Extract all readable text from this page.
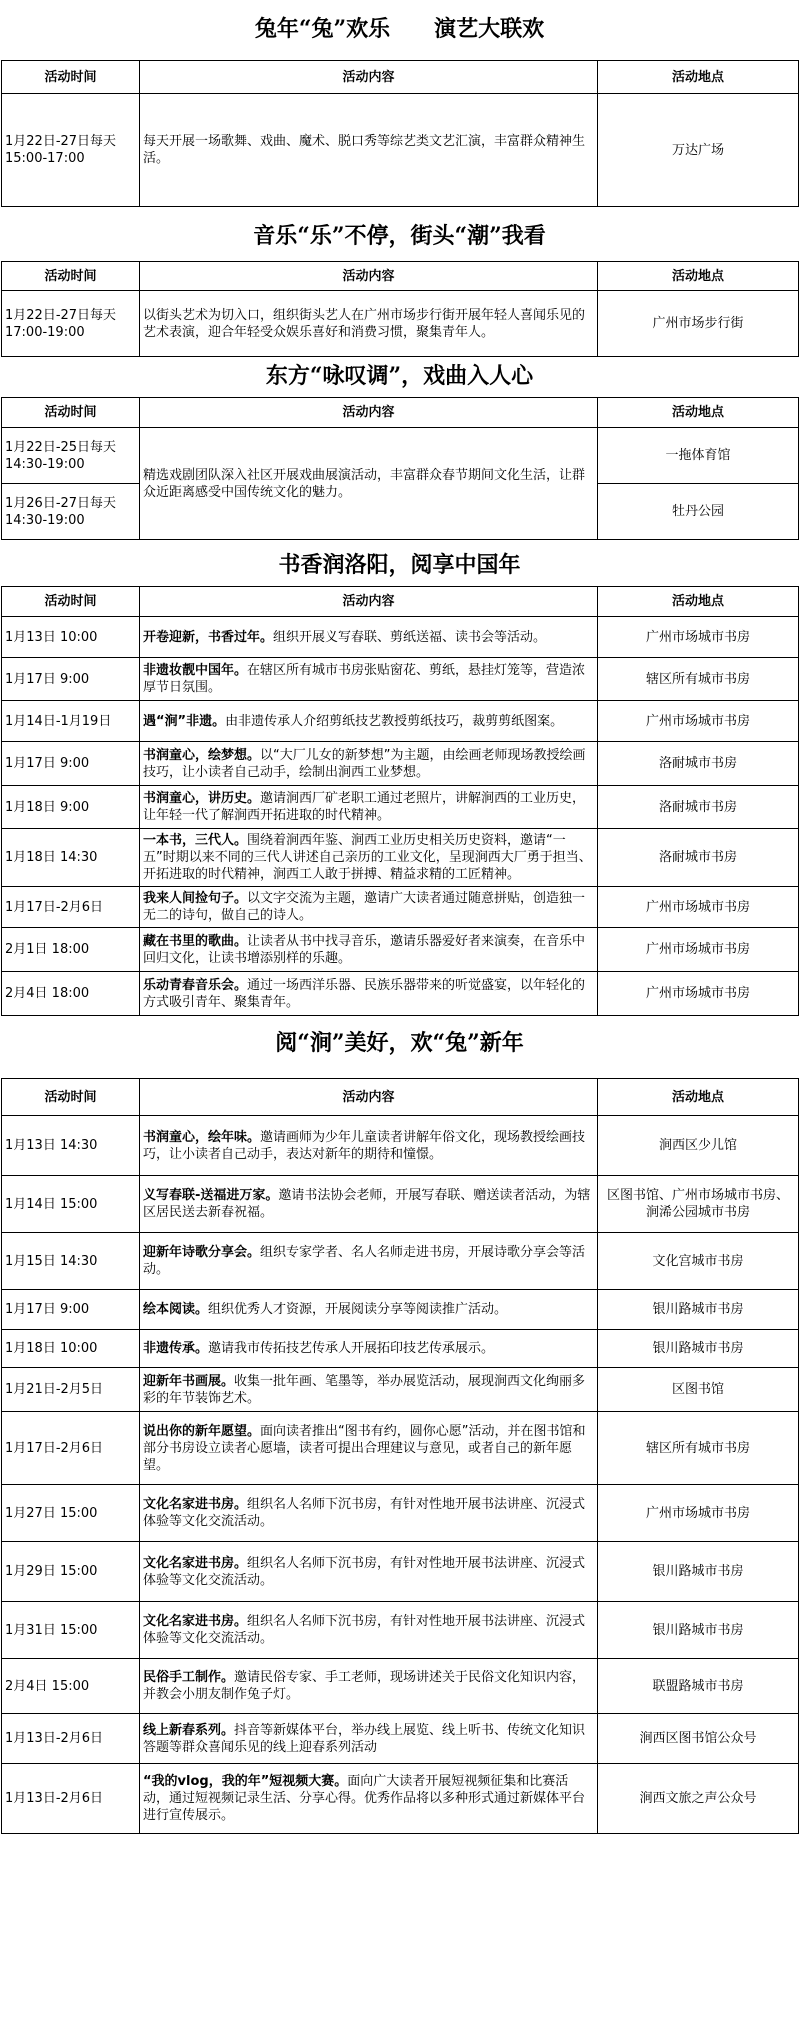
兔年“兔”欢乐　　演艺大联欢
活动时间	活动内容	活动地点
1月22日-27日每天15:00-17:00	每天开展一场歌舞、戏曲、魔术、脱口秀等综艺类文艺汇演，丰富群众精神生活。	万达广场
音乐“乐”不停，街头“潮”我看
活动时间	活动内容	活动地点
1月22日-27日每天17:00-19:00	以街头艺术为切入口，组织街头艺人在广州市场步行街开展年轻人喜闻乐见的艺术表演，迎合年轻受众娱乐喜好和消费习惯，聚集青年人。	广州市场步行街
东方“咏叹调”，戏曲入人心
活动时间	活动内容	活动地点
1月22日-25日每天14:30-19:00	精选戏剧团队深入社区开展戏曲展演活动，丰富群众春节期间文化生活，让群众近距离感受中国传统文化的魅力。	一拖体育馆
1月26日-27日每天14:30-19:00		牡丹公园
书香润洛阳，阅享中国年
活动时间	活动内容	活动地点
1月13日 10:00	开卷迎新，书香过年。组织开展义写春联、剪纸送福、读书会等活动。	广州市场城市书房
1月17日 9:00	非遗妆靓中国年。在辖区所有城市书房张贴窗花、剪纸，悬挂灯笼等，营造浓厚节日氛围。	辖区所有城市书房
1月14日-1月19日	遇“涧”非遗。由非遗传承人介绍剪纸技艺教授剪纸技巧，裁剪剪纸图案。	广州市场城市书房
1月17日 9:00	书润童心，绘梦想。以“大厂儿女的新梦想”为主题，由绘画老师现场教授绘画技巧，让小读者自己动手，绘制出涧西工业梦想。	洛耐城市书房
1月18日 9:00	书润童心，讲历史。邀请涧西厂矿老职工通过老照片，讲解涧西的工业历史，让年轻一代了解涧西开拓进取的时代精神。	洛耐城市书房
1月18日 14:30	一本书，三代人。围绕着涧西年鉴、涧西工业历史相关历史资料，邀请“一五”时期以来不同的三代人讲述自己亲历的工业文化，呈现涧西大厂勇于担当、开拓进取的时代精神，涧西工人敢于拼搏、精益求精的工匠精神。	洛耐城市书房
1月17日-2月6日	我来人间捡句子。以文字交流为主题，邀请广大读者通过随意拼贴，创造独一无二的诗句，做自己的诗人。	广州市场城市书房
2月1日 18:00	藏在书里的歌曲。让读者从书中找寻音乐，邀请乐器爱好者来演奏，在音乐中回归文化，让读书增添别样的乐趣。	广州市场城市书房
2月4日 18:00	乐动青春音乐会。通过一场西洋乐器、民族乐器带来的听觉盛宴，以年轻化的方式吸引青年、聚集青年。	广州市场城市书房
阅“涧”美好，欢“兔”新年
活动时间	活动内容	活动地点
1月13日 14:30	书润童心，绘年味。邀请画师为少年儿童读者讲解年俗文化，现场教授绘画技巧，让小读者自己动手，表达对新年的期待和憧憬。	涧西区少儿馆
1月14日 15:00	义写春联-送福进万家。邀请书法协会老师，开展写春联、赠送读者活动，为辖区居民送去新春祝福。	区图书馆、广州市场城市书房、涧浠公园城市书房
1月15日 14:30	迎新年诗歌分享会。组织专家学者、名人名师走进书房，开展诗歌分享会等活动。	文化宫城市书房
1月17日 9:00	绘本阅读。组织优秀人才资源，开展阅读分享等阅读推广活动。	银川路城市书房
1月18日 10:00	非遗传承。邀请我市传拓技艺传承人开展拓印技艺传承展示。	银川路城市书房
1月21日-2月5日	迎新年书画展。收集一批年画、笔墨等，举办展览活动，展现涧西文化绚丽多彩的年节装饰艺术。	区图书馆
1月17日-2月6日	说出你的新年愿望。面向读者推出“图书有约，圆你心愿”活动，并在图书馆和部分书房设立读者心愿墙，读者可提出合理建议与意见，或者自己的新年愿望。	辖区所有城市书房
1月27日 15:00	文化名家进书房。组织名人名师下沉书房，有针对性地开展书法讲座、沉浸式体验等文化交流活动。	广州市场城市书房
1月29日 15:00	文化名家进书房。组织名人名师下沉书房，有针对性地开展书法讲座、沉浸式体验等文化交流活动。	银川路城市书房
1月31日 15:00	文化名家进书房。组织名人名师下沉书房，有针对性地开展书法讲座、沉浸式体验等文化交流活动。	银川路城市书房
2月4日 15:00	民俗手工制作。邀请民俗专家、手工老师，现场讲述关于民俗文化知识内容，并教会小朋友制作兔子灯。	联盟路城市书房
1月13日-2月6日	线上新春系列。抖音等新媒体平台，举办线上展览、线上听书、传统文化知识答题等群众喜闻乐见的线上迎春系列活动	涧西区图书馆公众号
1月13日-2月6日	“我的vlog，我的年”短视频大赛。面向广大读者开展短视频征集和比赛活动，通过短视频记录生活、分享心得。优秀作品将以多种形式通过新媒体平台进行宣传展示。	涧西文旅之声公众号
